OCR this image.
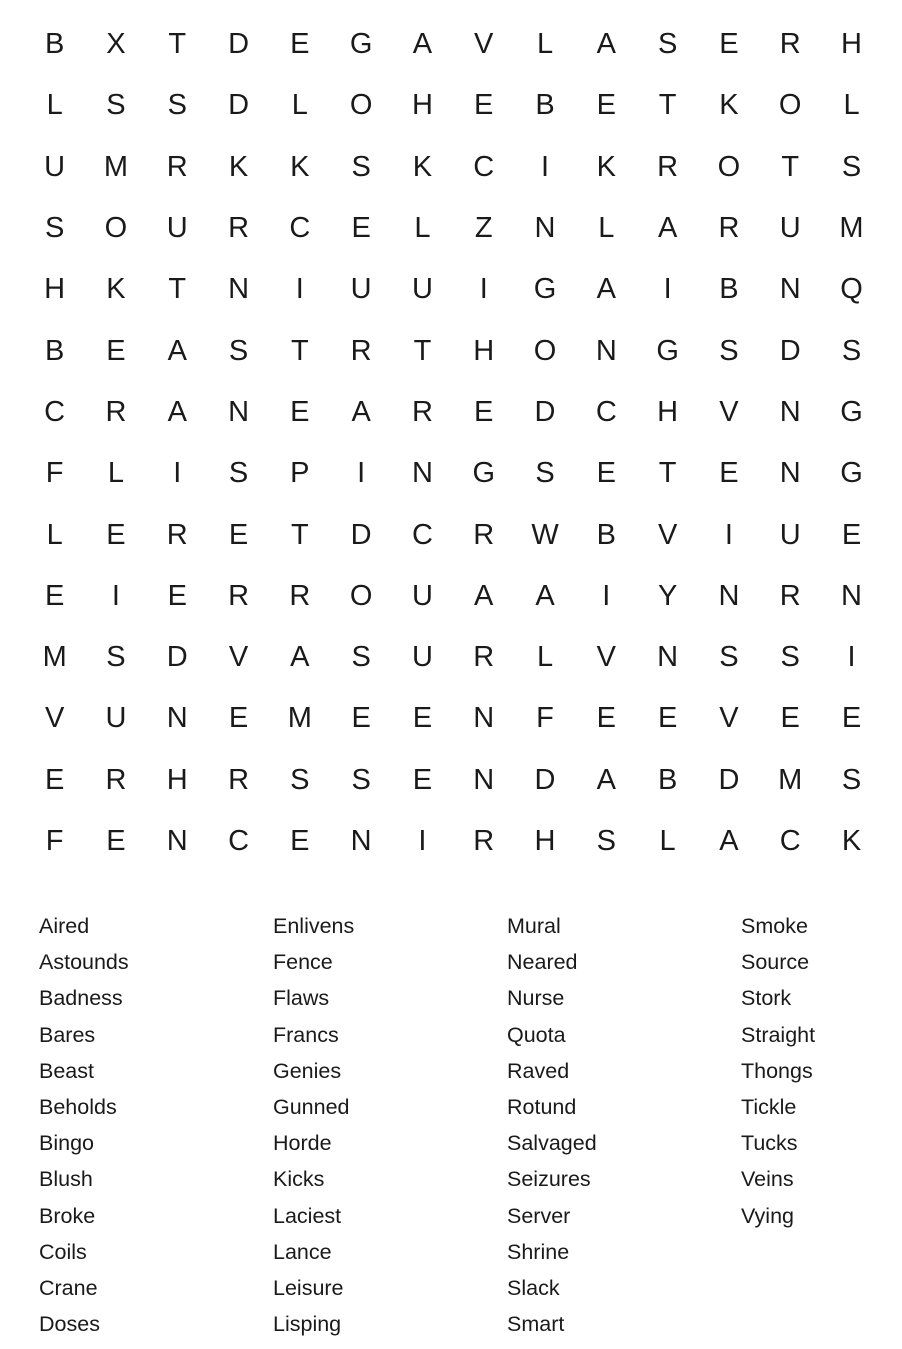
B	X	T	D	E	G	A	V	L	A	S	E	R	H
L	S	S	D	L	O	H	E	B	E	T	K	O	L
U	M	R	K	K	S	K	C	I	K	R	O	T	S
S	O	U	R	C	E	L	Z	N	L	A	R	U	M
H	K	T	N	I	U	U	I	G	A	I	B	N	Q
B	E	A	S	T	R	T	H	O	N	G	S	D	S
C	R	A	N	E	A	R	E	D	C	H	V	N	G
F	L	I	S	P	I	N	G	S	E	T	E	N	G
L	E	R	E	T	D	C	R	W	B	V	I	U	E
E	I	E	R	R	O	U	A	A	I	Y	N	R	N
M	S	D	V	A	S	U	R	L	V	N	S	S	I
V	U	N	E	M	E	E	N	F	E	E	V	E	E
E	R	H	R	S	S	E	N	D	A	B	D	M	S
F	E	N	C	E	N	I	R	H	S	L	A	C	K
Aired
Astounds
Badness
Bares
Beast
Beholds
Bingo
Blush
Broke
Coils
Crane
Doses
Enlivens
Fence
Flaws
Francs
Genies
Gunned
Horde
Kicks
Laciest
Lance
Leisure
Lisping
Mural
Neared
Nurse
Quota
Raved
Rotund
Salvaged
Seizures
Server
Shrine
Slack
Smart
Smoke
Source
Stork
Straight
Thongs
Tickle
Tucks
Veins
Vying
